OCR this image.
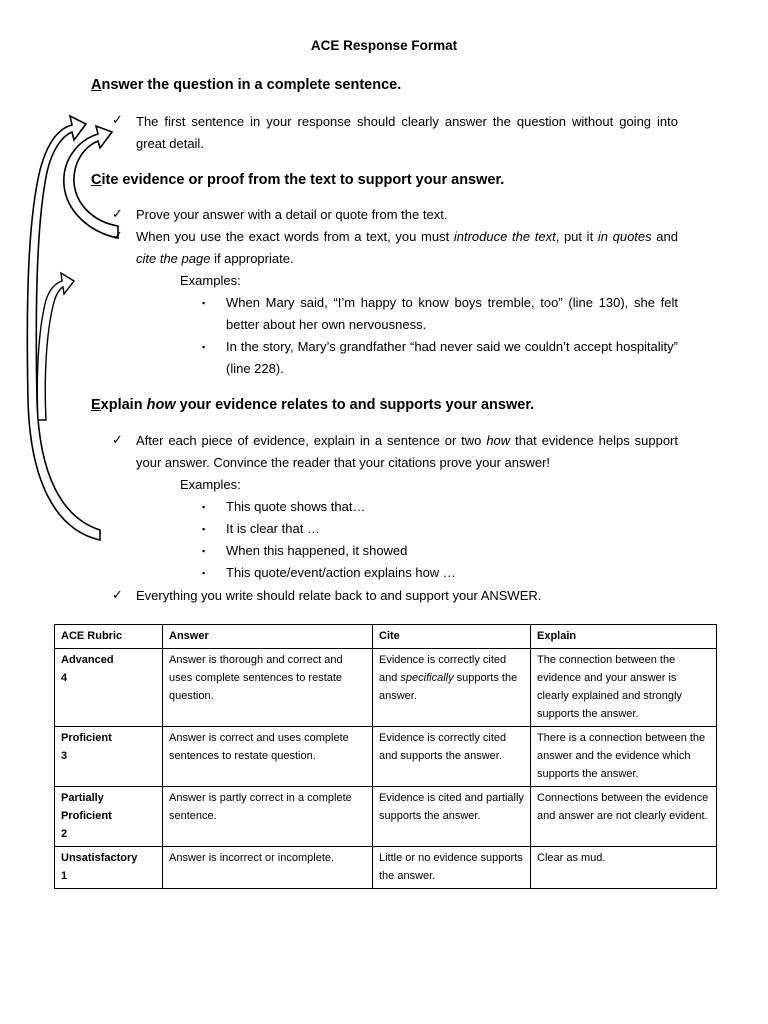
ACE Response Format
Answer the question in a complete sentence.
✓ The first sentence in your response should clearly answer the question without going into great detail.
Cite evidence or proof from the text to support your answer.
✓ Prove your answer with a detail or quote from the text.
✓ When you use the exact words from a text, you must introduce the text, put it in quotes and cite the page if appropriate.
Examples:
▪ When Mary said, “I’m happy to know boys tremble, too” (line 130), she felt better about her own nervousness.
▪ In the story, Mary’s grandfather “had never said we couldn’t accept hospitality” (line 228).
Explain how your evidence relates to and supports your answer.
✓ After each piece of evidence, explain in a sentence or two how that evidence helps support your answer. Convince the reader that your citations prove your answer!
Examples:
▪ This quote shows that…
▪ It is clear that …
▪ When this happened, it showed
▪ This quote/event/action explains how …
✓ Everything you write should relate back to and support your ANSWER.
ACE Rubric	Answer	Cite	Explain
Advanced
4	Answer is thorough and correct and uses complete sentences to restate question.	Evidence is correctly cited and specifically supports the answer.	The connection between the evidence and your answer is clearly explained and strongly supports the answer.
Proficient
3	Answer is correct and uses complete sentences to restate question.	Evidence is correctly cited and supports the answer.	There is a connection between the answer and the evidence which supports the answer.
Partially Proficient
2	Answer is partly correct in a complete sentence.	Evidence is cited and partially supports the answer.	Connections between the evidence and answer are not clearly evident.
Unsatisfactory
1	Answer is incorrect or incomplete.	Little or no evidence supports the answer.	Clear as mud.
